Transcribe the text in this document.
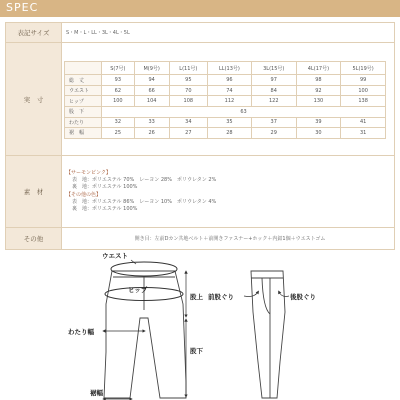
SPEC
表記サイズ	S・M・L・LL・3L・4L・5L
実　寸	
	S(7号)	M(9号)	L(11号)	LL(13号)	3L(15号)	4L(17号)	5L(19号)
総　丈	93	94	95	96	97	98	99
ウエスト	62	66	70	74	84	92	100
ヒップ	100	104	108	112	122	130	138
股　下	63
わたり	32	33	34	35	37	39	41
裾　幅	25	26	27	28	29	30	31

素　材	
【サーモンピンク】
表　地：ポリエステル 70%　レーヨン 28%　ポリウレタン 2%
裏　地：ポリエステル 100%
【その他の色】
表　地：ポリエステル 86%　レーヨン 10%　ポリウレタン 4%
裏　地：ポリエステル 100%

その他	開き目：左前Dカン共地ベルト＋前開きファスナー+ホック＋内釦1個＋ウエストゴム
ウエスト
ヒップ
股上
股下
わたり幅
裾幅
前股ぐり	後股ぐり
